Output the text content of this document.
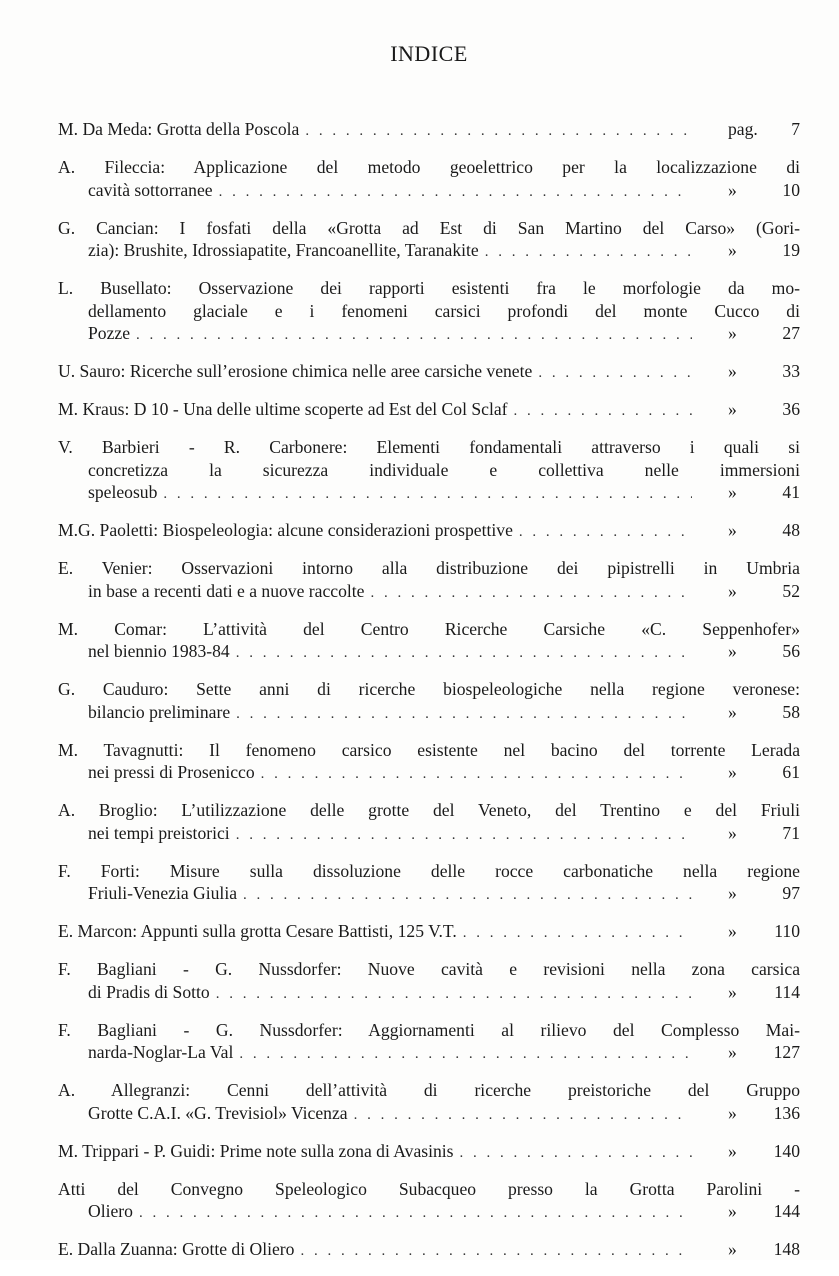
INDICE
M. Da Meda: Grotta della Poscola . . .	pag.	7
A. Fileccia: Applicazione del metodo geoelettrico per la localizzazione di
cavità sottorranee . . .	»	10
G. Cancian: I fosfati della «Grotta ad Est di San Martino del Carso» (Gori-
zia): Brushite, Idrossiapatite, Francoanellite, Taranakite . . .	»	19
L. Busellato: Osservazione dei rapporti esistenti fra le morfologie da mo-
dellamento glaciale e i fenomeni carsici profondi del monte Cucco di
Pozze . . .	»	27
U. Sauro: Ricerche sull’erosione chimica nelle aree carsiche venete . . .	»	33
M. Kraus: D 10 - Una delle ultime scoperte ad Est del Col Sclaf . . .	»	36
V. Barbieri - R. Carbonere: Elementi fondamentali attraverso i quali si
concretizza la sicurezza individuale e collettiva nelle immersioni
speleosub . . .	»	41
M.G. Paoletti: Biospeleologia: alcune considerazioni prospettive . . .	»	48
E. Venier: Osservazioni intorno alla distribuzione dei pipistrelli in Umbria
in base a recenti dati e a nuove raccolte . . .	»	52
M. Comar: L’attività del Centro Ricerche Carsiche «C. Seppenhofer»
nel biennio 1983-84 . . .	»	56
G. Cauduro: Sette anni di ricerche biospeleologiche nella regione veronese:
bilancio preliminare . . .	»	58
M. Tavagnutti: Il fenomeno carsico esistente nel bacino del torrente Lerada
nei pressi di Prosenicco . . .	»	61
A. Broglio: L’utilizzazione delle grotte del Veneto, del Trentino e del Friuli
nei tempi preistorici . . .	»	71
F. Forti: Misure sulla dissoluzione delle rocce carbonatiche nella regione
Friuli-Venezia Giulia . . .	»	97
E. Marcon: Appunti sulla grotta Cesare Battisti, 125 V.T. . . .	»	110
F. Bagliani - G. Nussdorfer: Nuove cavità e revisioni nella zona carsica
di Pradis di Sotto . . .	»	114
F. Bagliani - G. Nussdorfer: Aggiornamenti al rilievo del Complesso Mai-
narda-Noglar-La Val . . .	»	127
A. Allegranzi: Cenni dell’attività di ricerche preistoriche del Gruppo
Grotte C.A.I. «G. Trevisiol» Vicenza . . .	»	136
M. Trippari - P. Guidi: Prime note sulla zona di Avasinis . . .	»	140
Atti del Convegno Speleologico Subacqueo presso la Grotta Parolini -
Oliero . . .	»	144
E. Dalla Zuanna: Grotte di Oliero . . .	»	148
